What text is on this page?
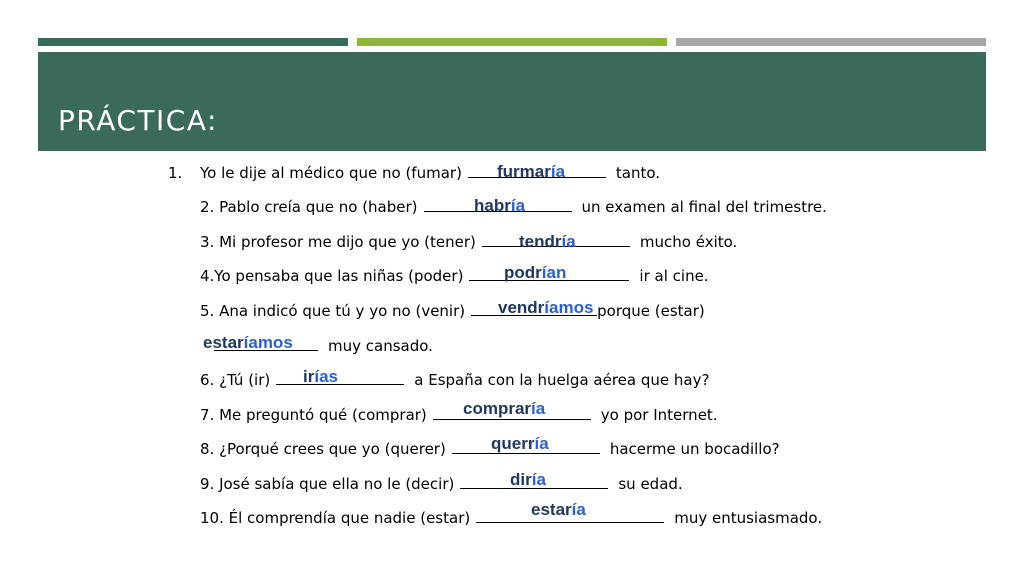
PRÁCTICA:
1. Yo le dije al médico que no (fumar)	tanto.
furmaría
2. Pablo creía que no (haber)	un examen al final del trimestre.
habría
3. Mi profesor me dijo que yo (tener)	mucho éxito.
tendría
4.Yo pensaba que las niñas (poder)	ir al cine.
podrían
5. Ana indicó que tú y yo no (venir)	porque (estar)
vendríamos
muy cansado.
estaríamos
6. ¿Tú (ir)	a España con la huelga aérea que hay?
irías
7. Me preguntó qué (comprar)	yo por Internet.
compraría
8. ¿Porqué crees que yo (querer)	hacerme un bocadillo?
querría
9. José sabía que ella no le (decir)	su edad.
diría
10. Él comprendía que nadie (estar)	muy entusiasmado.
estaría
